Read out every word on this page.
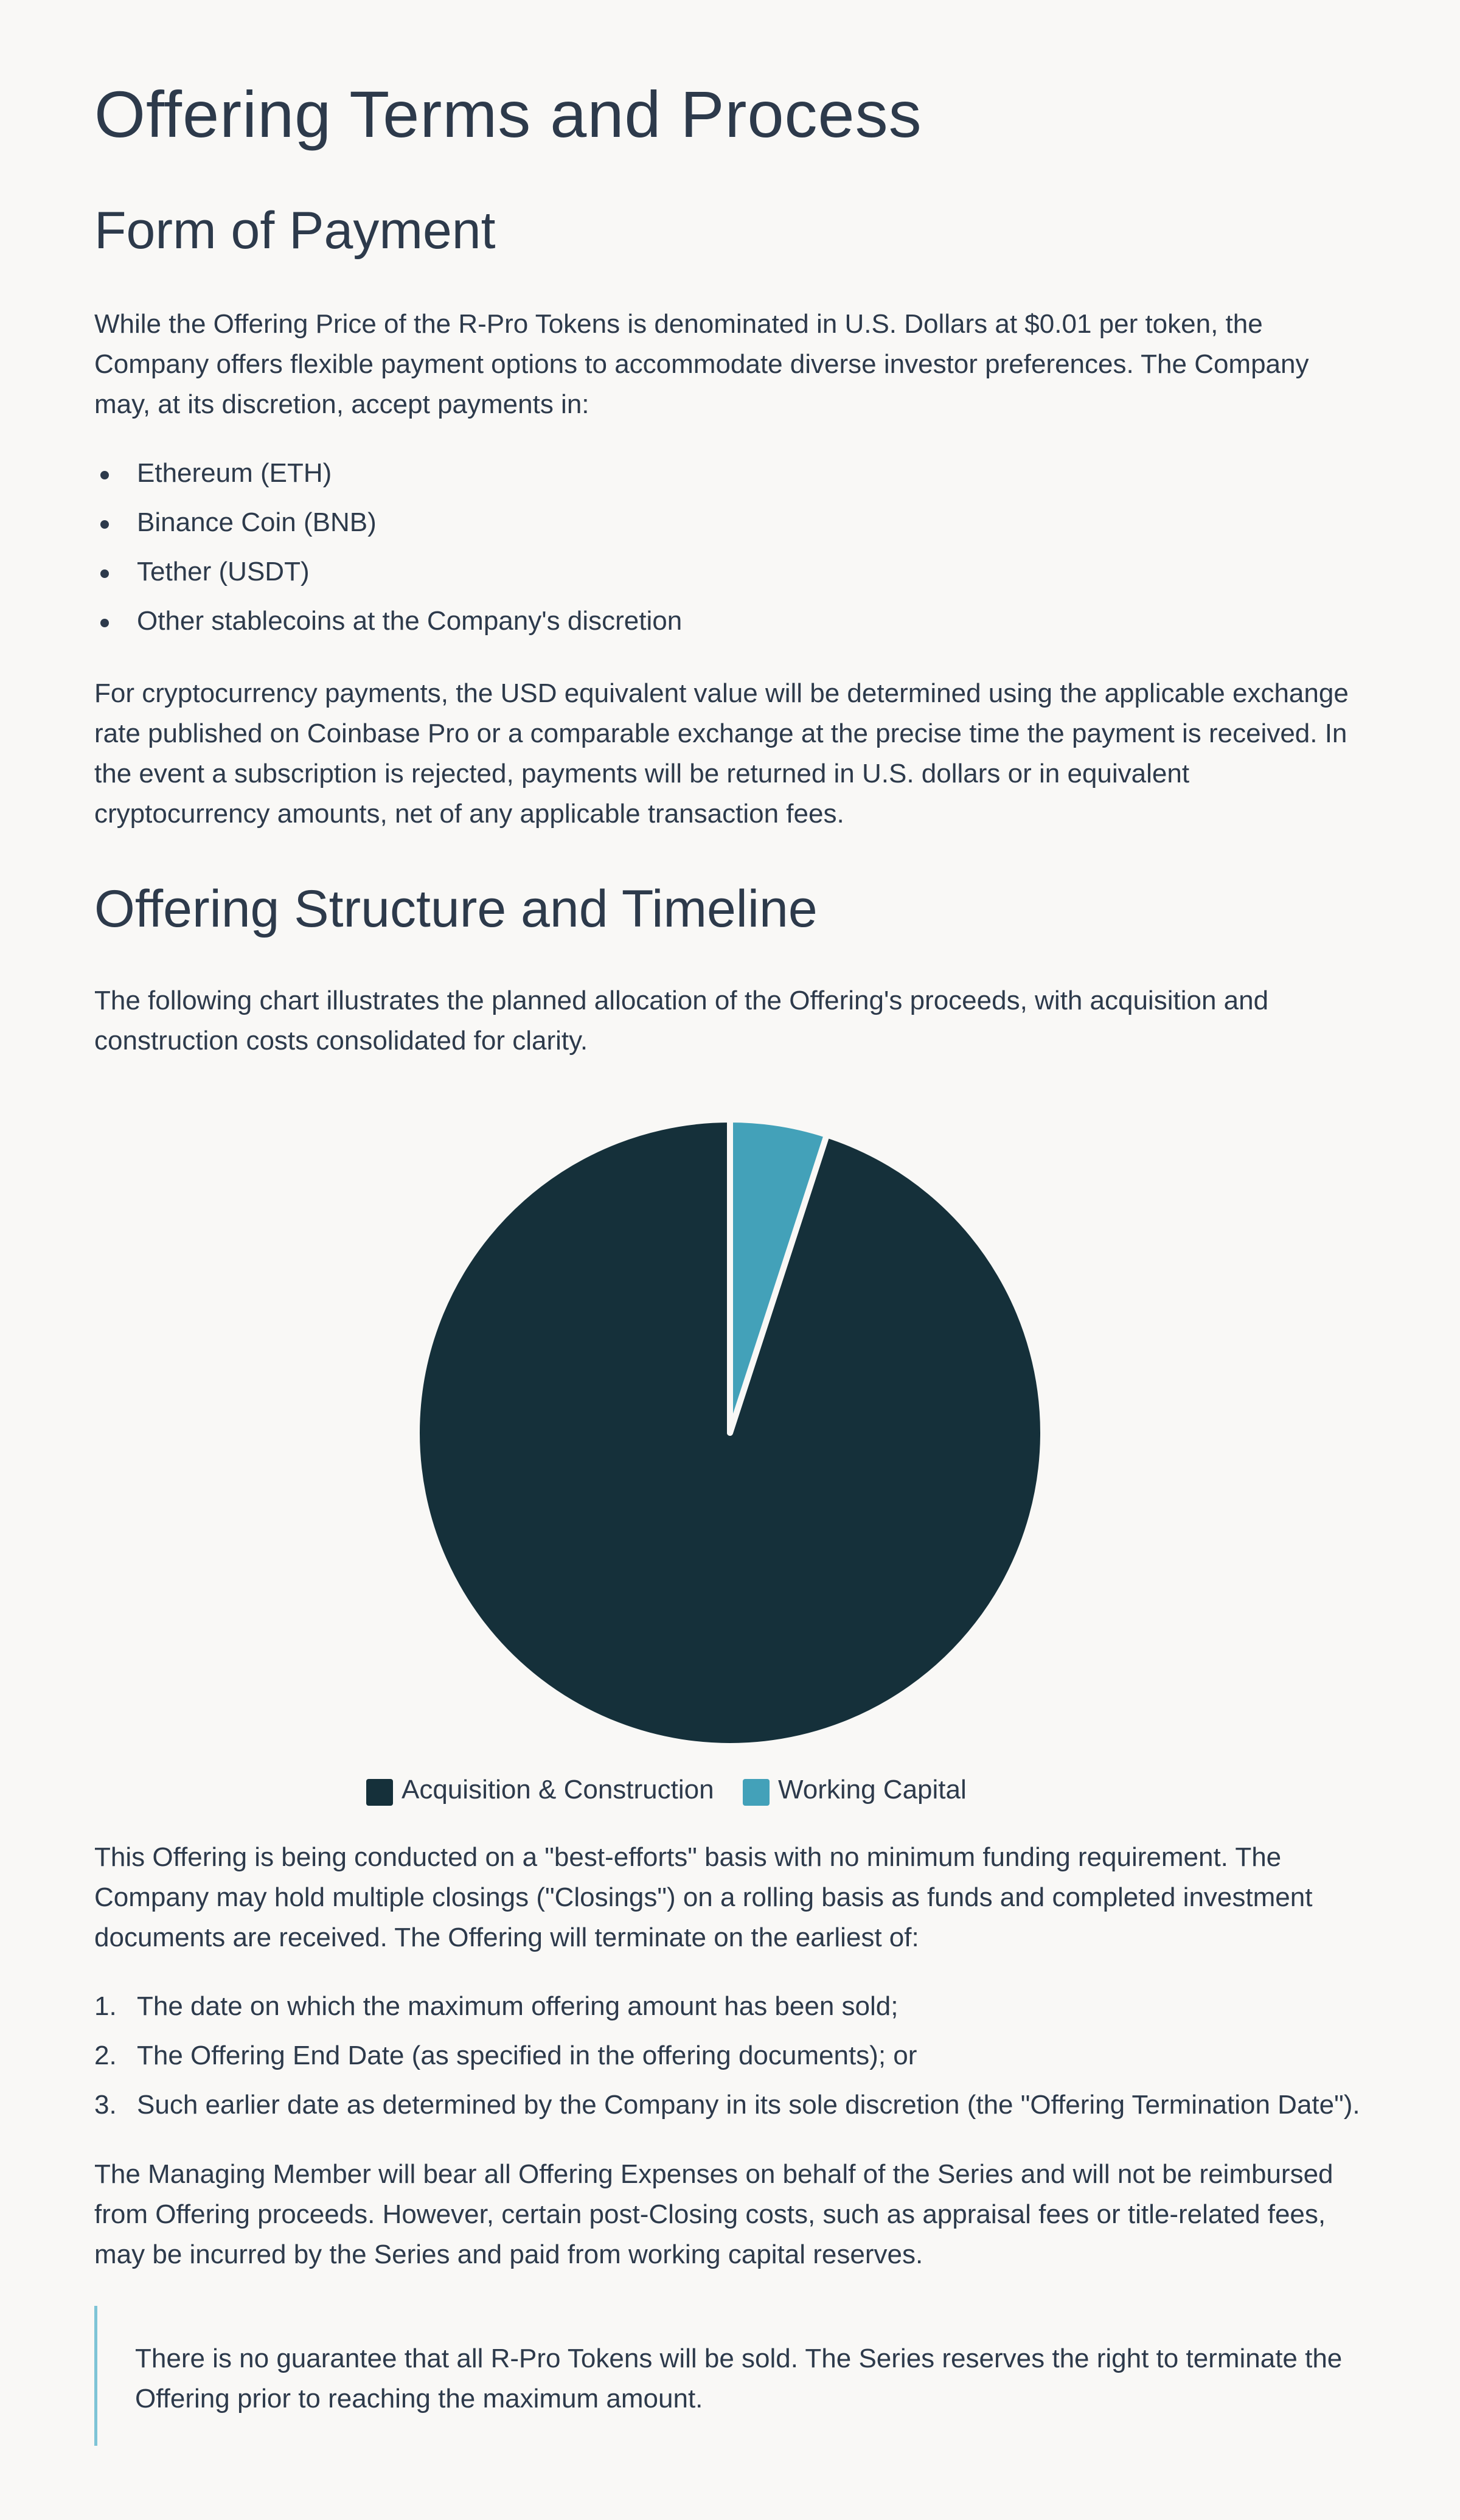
Offering Terms and Process
Form of Payment

While the Offering Price of the R-Pro Tokens is denominated in U.S. Dollars at $0.01 per token, the Company offers flexible payment options to accommodate diverse investor preferences. The Company may, at its discretion, accept payments in:

Ethereum (ETH)
Binance Coin (BNB)
Tether (USDT)
Other stablecoins at the Company's discretion

For cryptocurrency payments, the USD equivalent value will be determined using the applicable exchange rate published on Coinbase Pro or a comparable exchange at the precise time the payment is received. In the event a subscription is rejected, payments will be returned in U.S. dollars or in equivalent cryptocurrency amounts, net of any applicable transaction fees.

Offering Structure and Timeline

The following chart illustrates the planned allocation of the Offering's proceeds, with acquisition and construction costs consolidated for clarity.

Acquisition & Construction Working Capital

This Offering is being conducted on a "best-efforts" basis with no minimum funding requirement. The Company may hold multiple closings ("Closings") on a rolling basis as funds and completed investment documents are received. The Offering will terminate on the earliest of:

1. The date on which the maximum offering amount has been sold;
2. The Offering End Date (as specified in the offering documents); or
3. Such earlier date as determined by the Company in its sole discretion (the "Offering Termination Date").

The Managing Member will bear all Offering Expenses on behalf of the Series and will not be reimbursed from Offering proceeds. However, certain post-Closing costs, such as appraisal fees or title-related fees, may be incurred by the Series and paid from working capital reserves.

There is no guarantee that all R-Pro Tokens will be sold. The Series reserves the right to terminate the Offering prior to reaching the maximum amount.
